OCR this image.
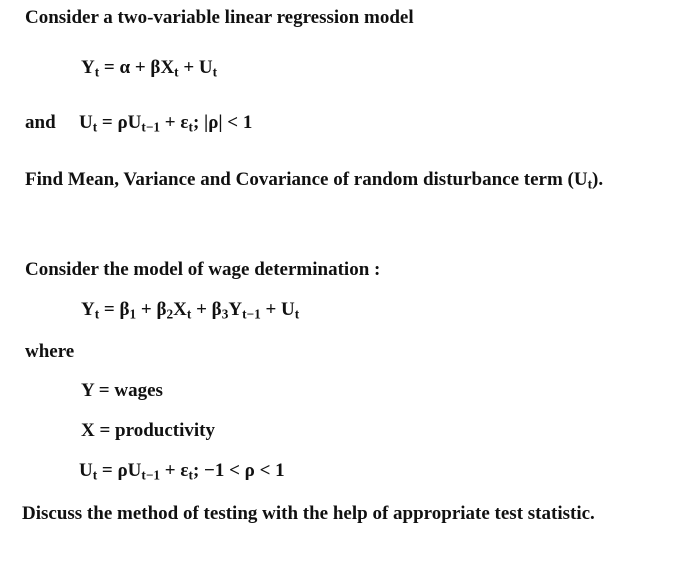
Consider a two-variable linear regression model
$Y_t = \alpha + \beta X_t + U_t$
and $U_t = \rho U_{t-1} + \varepsilon_t$; |ρ| < 1
Find Mean, Variance and Covariance of random disturbance term $(U_t)$.
Consider the model of wage determination :
$Y_t = \beta_1 + \beta_2X_t + \beta_3Y_{t-1} + U_t$
where
Y = wages
X = productivity
$U_t = \rho U_{t-1} + \varepsilon_t$; −1 < ρ < 1
Discuss the method of testing with the help of appropriate test statistic.
